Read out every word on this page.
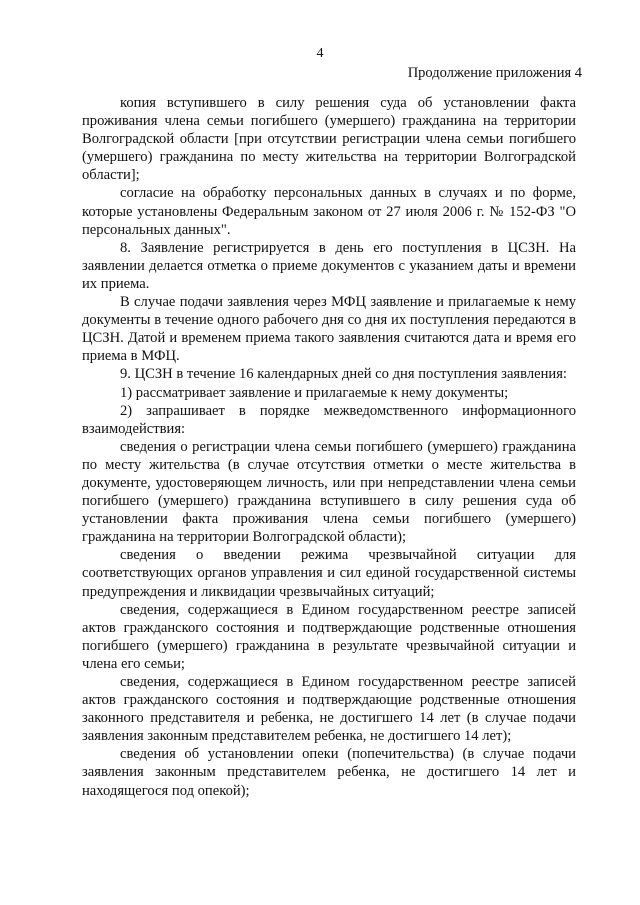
4
Продолжение приложения 4

копия вступившего в силу решения суда об установлении факта проживания члена семьи погибшего (умершего) гражданина на территории Волгоградской области [при отсутствии регистрации члена семьи погибшего (умершего) гражданина по месту жительства на территории Волгоградской области];

согласие на обработку персональных данных в случаях и по форме, которые установлены Федеральным законом от 27 июля 2006 г. № 152-ФЗ "О персональных данных".

8. Заявление регистрируется в день его поступления в ЦСЗН. На заявлении делается отметка о приеме документов с указанием даты и времени их приема.

В случае подачи заявления через МФЦ заявление и прилагаемые к нему документы в течение одного рабочего дня со дня их поступления передаются в ЦСЗН. Датой и временем приема такого заявления считаются дата и время его приема в МФЦ.

9. ЦСЗН в течение 16 календарных дней со дня поступления заявления:

1) рассматривает заявление и прилагаемые к нему документы;

2) запрашивает в порядке межведомственного информационного взаимодействия:

сведения о регистрации члена семьи погибшего (умершего) гражданина по месту жительства (в случае отсутствия отметки о месте жительства в документе, удостоверяющем личность, или при непредставлении члена семьи погибшего (умершего) гражданина вступившего в силу решения суда об установлении факта проживания члена семьи погибшего (умершего) гражданина на территории Волгоградской области);

сведения о введении режима чрезвычайной ситуации для соответствующих органов управления и сил единой государственной системы предупреждения и ликвидации чрезвычайных ситуаций;

сведения, содержащиеся в Едином государственном реестре записей актов гражданского состояния и подтверждающие родственные отношения погибшего (умершего) гражданина в результате чрезвычайной ситуации и члена его семьи;

сведения, содержащиеся в Едином государственном реестре записей актов гражданского состояния и подтверждающие родственные отношения законного представителя и ребенка, не достигшего 14 лет (в случае подачи заявления законным представителем ребенка, не достигшего 14 лет);

сведения об установлении опеки (попечительства) (в случае подачи заявления законным представителем ребенка, не достигшего 14 лет и находящегося под опекой);
